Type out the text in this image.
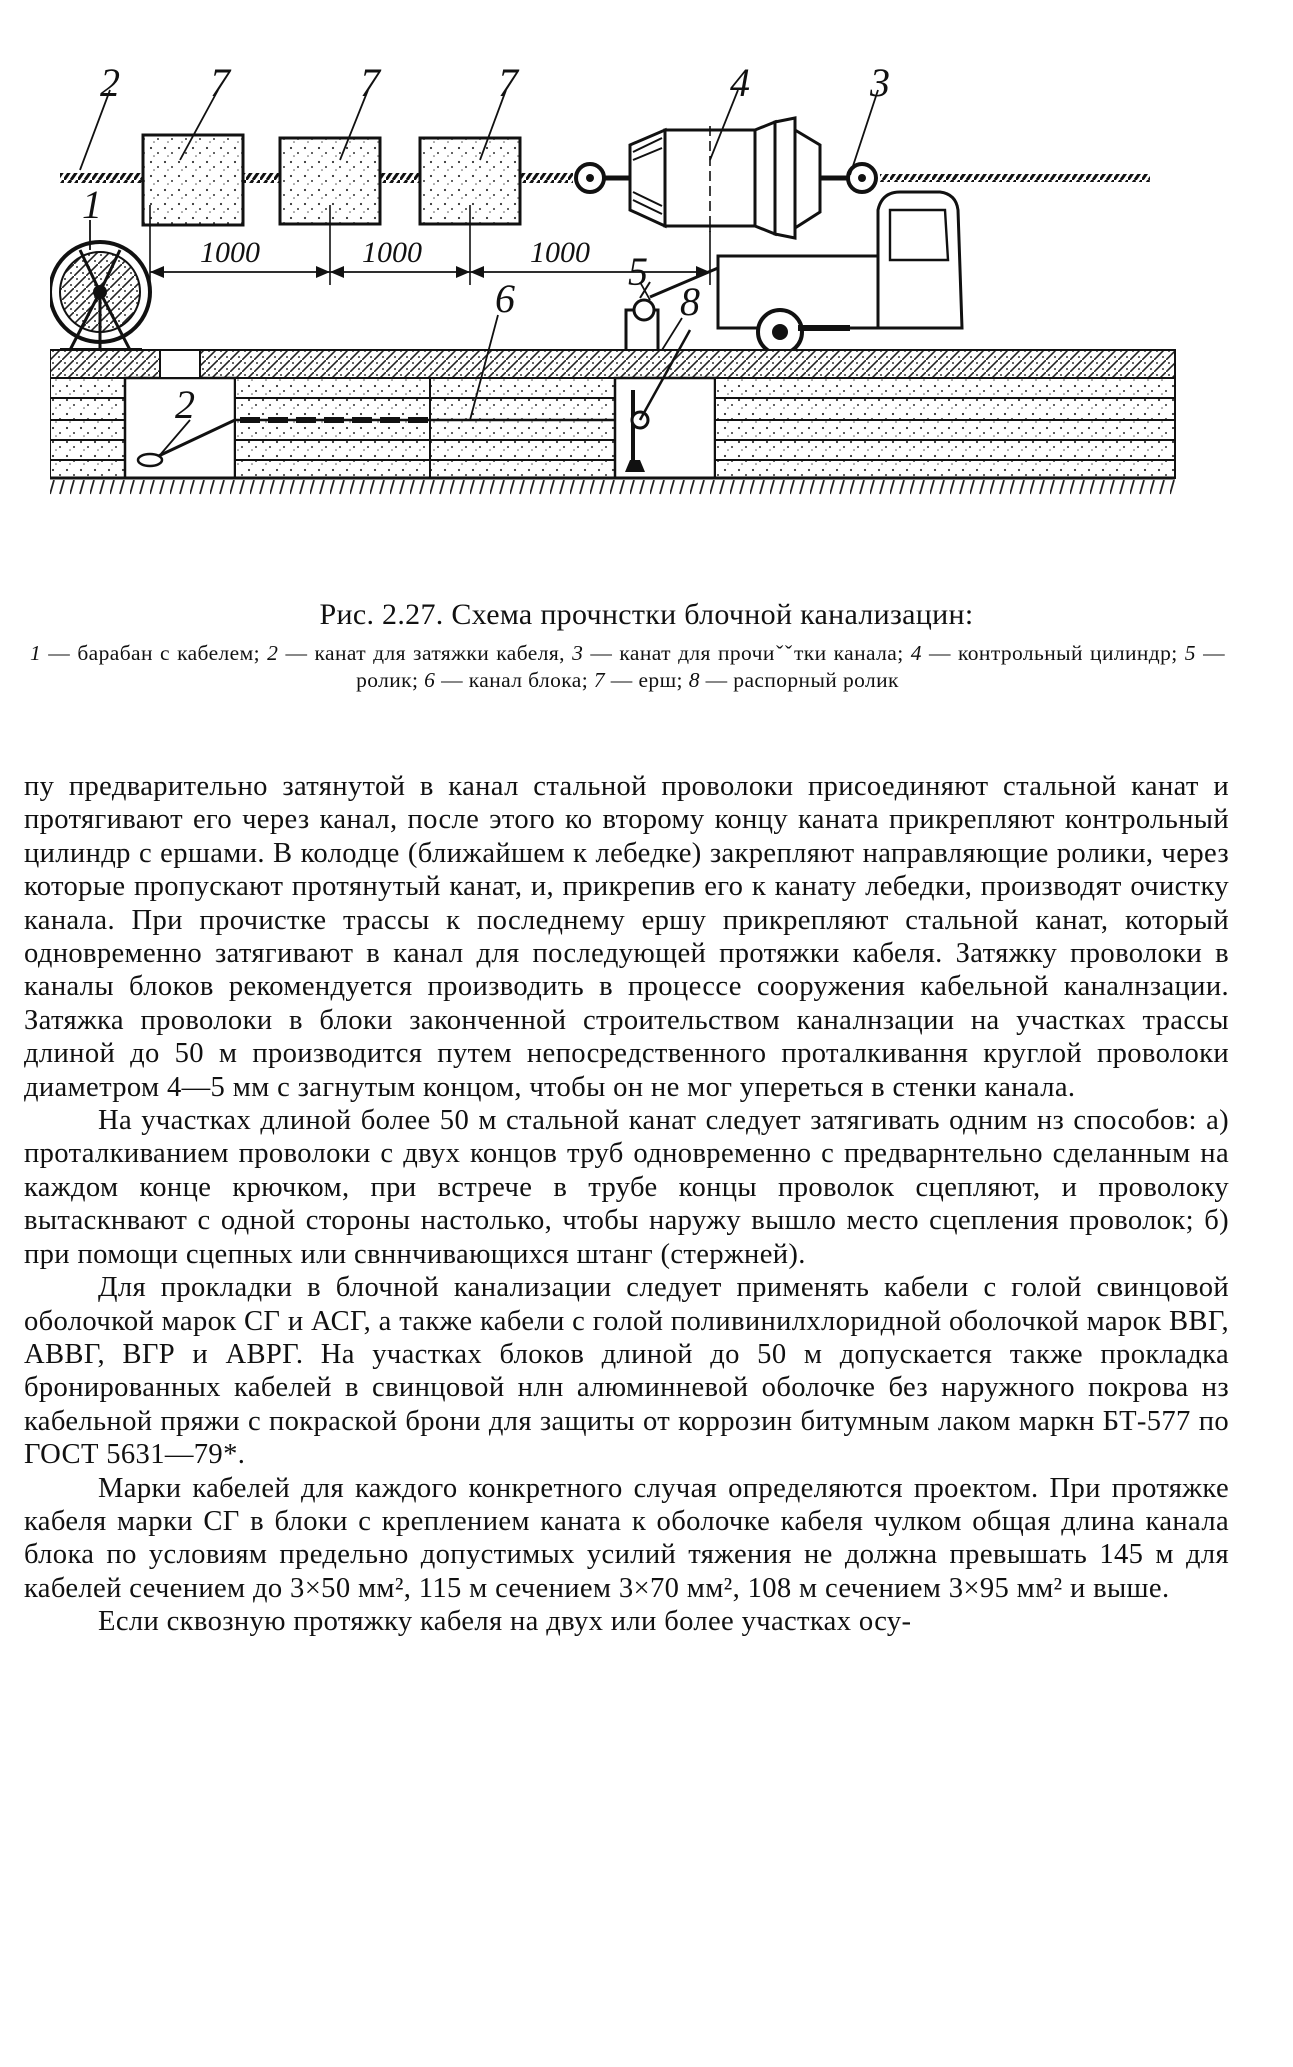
1000	1000	1000
2 7	7	7	4	3
1
5
6	8
2
Рис. 2.27. Схема прочнстки блочной канализацин:
1 — барабан с кабелем; 2 — канат для затяжки кабеля, 3 — канат для прочиˇˇтки канала; 4 — контрольный цилиндр; 5 — ролик; 6 — канал блока; 7 — ерш; 8 — распорный ролик

пу предварительно затянутой в канал стальной проволоки присоединяют стальной канат и протягивают его через канал, после этого ко второму концу каната прикрепляют контрольный цилиндр с ершами. В колодце (ближайшем к лебедке) закрепляют направляющие ролики, через которые пропускают протянутый канат, и, прикрепив его к канату лебедки, производят очистку канала. При прочистке трассы к последнему ершу прикрепляют стальной канат, который одновременно затягивают в канал для последующей протяжки кабеля. Затяжку проволоки в каналы блоков рекомендуется производить в процессе сооружения кабельной каналнзации. Затяжка проволоки в блоки законченной строительством каналнзации на участках трассы длиной до 50 м производится путем непосредственного проталкивання круглой проволоки диаметром 4—5 мм с загнутым концом, чтобы он не мог упереться в стенки канала.

На участках длиной более 50 м стальной канат следует затягивать одним нз способов: а) проталкиванием проволоки с двух концов труб одновременно с предварнтельно сделанным на каждом конце крючком, при встрече в трубе концы проволок сцепляют, и проволоку вытаскнвают с одной стороны настолько, чтобы наружу вышло место сцепления проволок; б) при помощи сцепных или свннчивающихся штанг (стержней).

Для прокладки в блочной канализации следует применять кабели с голой свинцовой оболочкой марок СГ и АСГ, а также кабели с голой поливинилхлоридной оболочкой марок ВВГ, АВВГ, ВГР и АВРГ. На участках блоков длиной до 50 м допускается также прокладка бронированных кабелей в свинцовой нлн алюминневой оболочке без наружного покрова нз кабельной пряжи с покраской брони для защиты от коррозин битумным лаком маркн БТ-577 по ГОСТ 5631—79*.

Марки кабелей для каждого конкретного случая определяются проектом. При протяжке кабеля марки СГ в блоки с креплением каната к оболочке кабеля чулком общая длина канала блока по условиям предельно допустимых усилий тяжения не должна превышать 145 м для кабелей сечением до 3×50 мм², 115 м сечением 3×70 мм², 108 м сечением 3×95 мм² и выше.

Если сквозную протяжку кабеля на двух или более участках осу-
